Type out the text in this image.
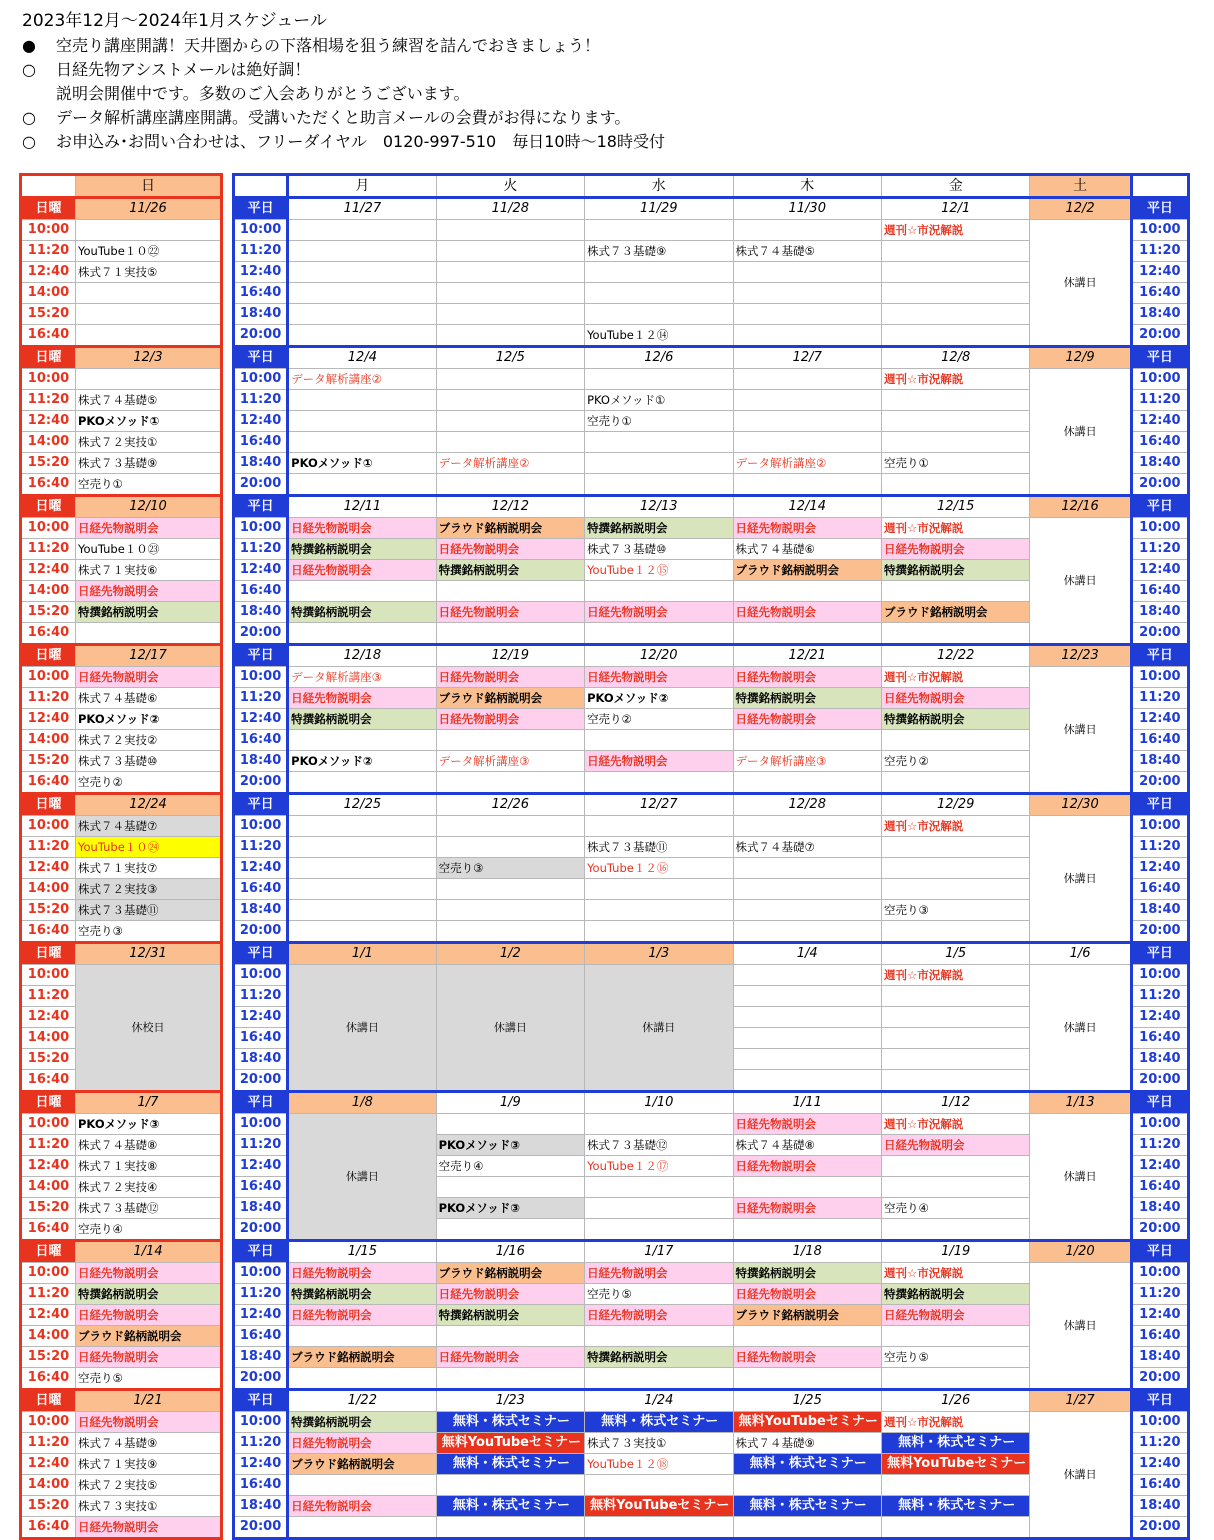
2023年12月～2024年1月スケジュール
● 空売り講座開講！天井圏からの下落相場を狙う練習を詰んでおきましょう！
○ 日経先物アシストメールは絶好調！
説明会開催中です。多数のご入会ありがとうございます。
○ データ解析講座講座開講。受講いただくと助言メールの会費がお得になります。
○ お申込み･お問い合わせは、フリーダイヤル　0120-997-510　毎日10時～18時受付
	日
日曜	11/26
10:00	
11:20	YouTube１０㉒
12:40	株式７１実技⑤
14:00	
15:20	
16:40	
日曜	12/3
10:00	
11:20	株式７４基礎⑤
12:40	PKOメソッド①
14:00	株式７２実技①
15:20	株式７３基礎⑨
16:40	空売り①
日曜	12/10
10:00	日経先物説明会
11:20	YouTube１０㉓
12:40	株式７１実技⑥
14:00	日経先物説明会
15:20	特撰銘柄説明会
16:40	
日曜	12/17
10:00	日経先物説明会
11:20	株式７４基礎⑥
12:40	PKOメソッド②
14:00	株式７２実技②
15:20	株式７３基礎⑩
16:40	空売り②
日曜	12/24
10:00	株式７４基礎⑦
11:20	YouTube１０㉔
12:40	株式７１実技⑦
14:00	株式７２実技③
15:20	株式７３基礎⑪
16:40	空売り③
日曜	12/31
10:00	休校日
11:20	
12:40	
14:00	
15:20	
16:40	
日曜	1/7
10:00	PKOメソッド③
11:20	株式７４基礎⑧
12:40	株式７１実技⑧
14:00	株式７２実技④
15:20	株式７３基礎⑫
16:40	空売り④
日曜	1/14
10:00	日経先物説明会
11:20	特撰銘柄説明会
12:40	日経先物説明会
14:00	ブラウド銘柄説明会
15:20	日経先物説明会
16:40	空売り⑤
日曜	1/21
10:00	日経先物説明会
11:20	株式７４基礎⑨
12:40	株式７１実技⑨
14:00	株式７２実技⑤
15:20	株式７３実技①
16:40	日経先物説明会
	月	火	水	木	金	土	
平日	11/27	11/28	11/29	11/30	12/1	12/2	平日
10:00					週刊☆市況解説	休講日	10:00
11:20			株式７３基礎⑨	株式７４基礎⑤			11:20
12:40							12:40
16:40							16:40
18:40							18:40
20:00			YouTube１２⑭				20:00
平日	12/4	12/5	12/6	12/7	12/8	12/9	平日
10:00	データ解析講座②				週刊☆市況解説	休講日	10:00
11:20			PKOメソッド①				11:20
12:40			空売り①				12:40
16:40							16:40
18:40	PKOメソッド①	データ解析講座②		データ解析講座②	空売り①		18:40
20:00							20:00
平日	12/11	12/12	12/13	12/14	12/15	12/16	平日
10:00	日経先物説明会	ブラウド銘柄説明会	特撰銘柄説明会	日経先物説明会	週刊☆市況解説	休講日	10:00
11:20	特撰銘柄説明会	日経先物説明会	株式７３基礎⑩	株式７４基礎⑥	日経先物説明会		11:20
12:40	日経先物説明会	特撰銘柄説明会	YouTube１２⑮	ブラウド銘柄説明会	特撰銘柄説明会		12:40
16:40							16:40
18:40	特撰銘柄説明会	日経先物説明会	日経先物説明会	日経先物説明会	ブラウド銘柄説明会		18:40
20:00							20:00
平日	12/18	12/19	12/20	12/21	12/22	12/23	平日
10:00	データ解析講座③	日経先物説明会	日経先物説明会	日経先物説明会	週刊☆市況解説	休講日	10:00
11:20	日経先物説明会	ブラウド銘柄説明会	PKOメソッド②	特撰銘柄説明会	日経先物説明会		11:20
12:40	特撰銘柄説明会	日経先物説明会	空売り②	日経先物説明会	特撰銘柄説明会		12:40
16:40							16:40
18:40	PKOメソッド②	データ解析講座③	日経先物説明会	データ解析講座③	空売り②		18:40
20:00							20:00
平日	12/25	12/26	12/27	12/28	12/29	12/30	平日
10:00					週刊☆市況解説	休講日	10:00
11:20			株式７３基礎⑪	株式７４基礎⑦			11:20
12:40		空売り③	YouTube１２⑯				12:40
16:40							16:40
18:40					空売り③		18:40
20:00							20:00
平日	1/1	1/2	1/3	1/4	1/5	1/6	平日
10:00	休講日	休講日	休講日		週刊☆市況解説	休講日	10:00
11:20							11:20
12:40							12:40
16:40							16:40
18:40							18:40
20:00							20:00
平日	1/8	1/9	1/10	1/11	1/12	1/13	平日
10:00	休講日			日経先物説明会	週刊☆市況解説	休講日	10:00
11:20		PKOメソッド③	株式７３基礎⑫	株式７４基礎⑧	日経先物説明会		11:20
12:40		空売り④	YouTube１２⑰	日経先物説明会			12:40
16:40							16:40
18:40		PKOメソッド③		日経先物説明会	空売り④		18:40
20:00							20:00
平日	1/15	1/16	1/17	1/18	1/19	1/20	平日
10:00	日経先物説明会	ブラウド銘柄説明会	日経先物説明会	特撰銘柄説明会	週刊☆市況解説	休講日	10:00
11:20	特撰銘柄説明会	日経先物説明会	空売り⑤	日経先物説明会	特撰銘柄説明会		11:20
12:40	日経先物説明会	特撰銘柄説明会	日経先物説明会	ブラウド銘柄説明会	日経先物説明会		12:40
16:40							16:40
18:40	ブラウド銘柄説明会	日経先物説明会	特撰銘柄説明会	日経先物説明会	空売り⑤		18:40
20:00							20:00
平日	1/22	1/23	1/24	1/25	1/26	1/27	平日
10:00	特撰銘柄説明会	無料・株式セミナー	無料・株式セミナー	無料YouTubeセミナー	週刊☆市況解説	休講日	10:00
11:20	日経先物説明会	無料YouTubeセミナー	株式７３実技①	株式７４基礎⑨	無料・株式セミナー		11:20
12:40	ブラウド銘柄説明会	無料・株式セミナー	YouTube１２⑱	無料・株式セミナー	無料YouTubeセミナー		12:40
16:40							16:40
18:40	日経先物説明会	無料・株式セミナー	無料YouTubeセミナー	無料・株式セミナー	無料・株式セミナー		18:40
20:00							20:00
